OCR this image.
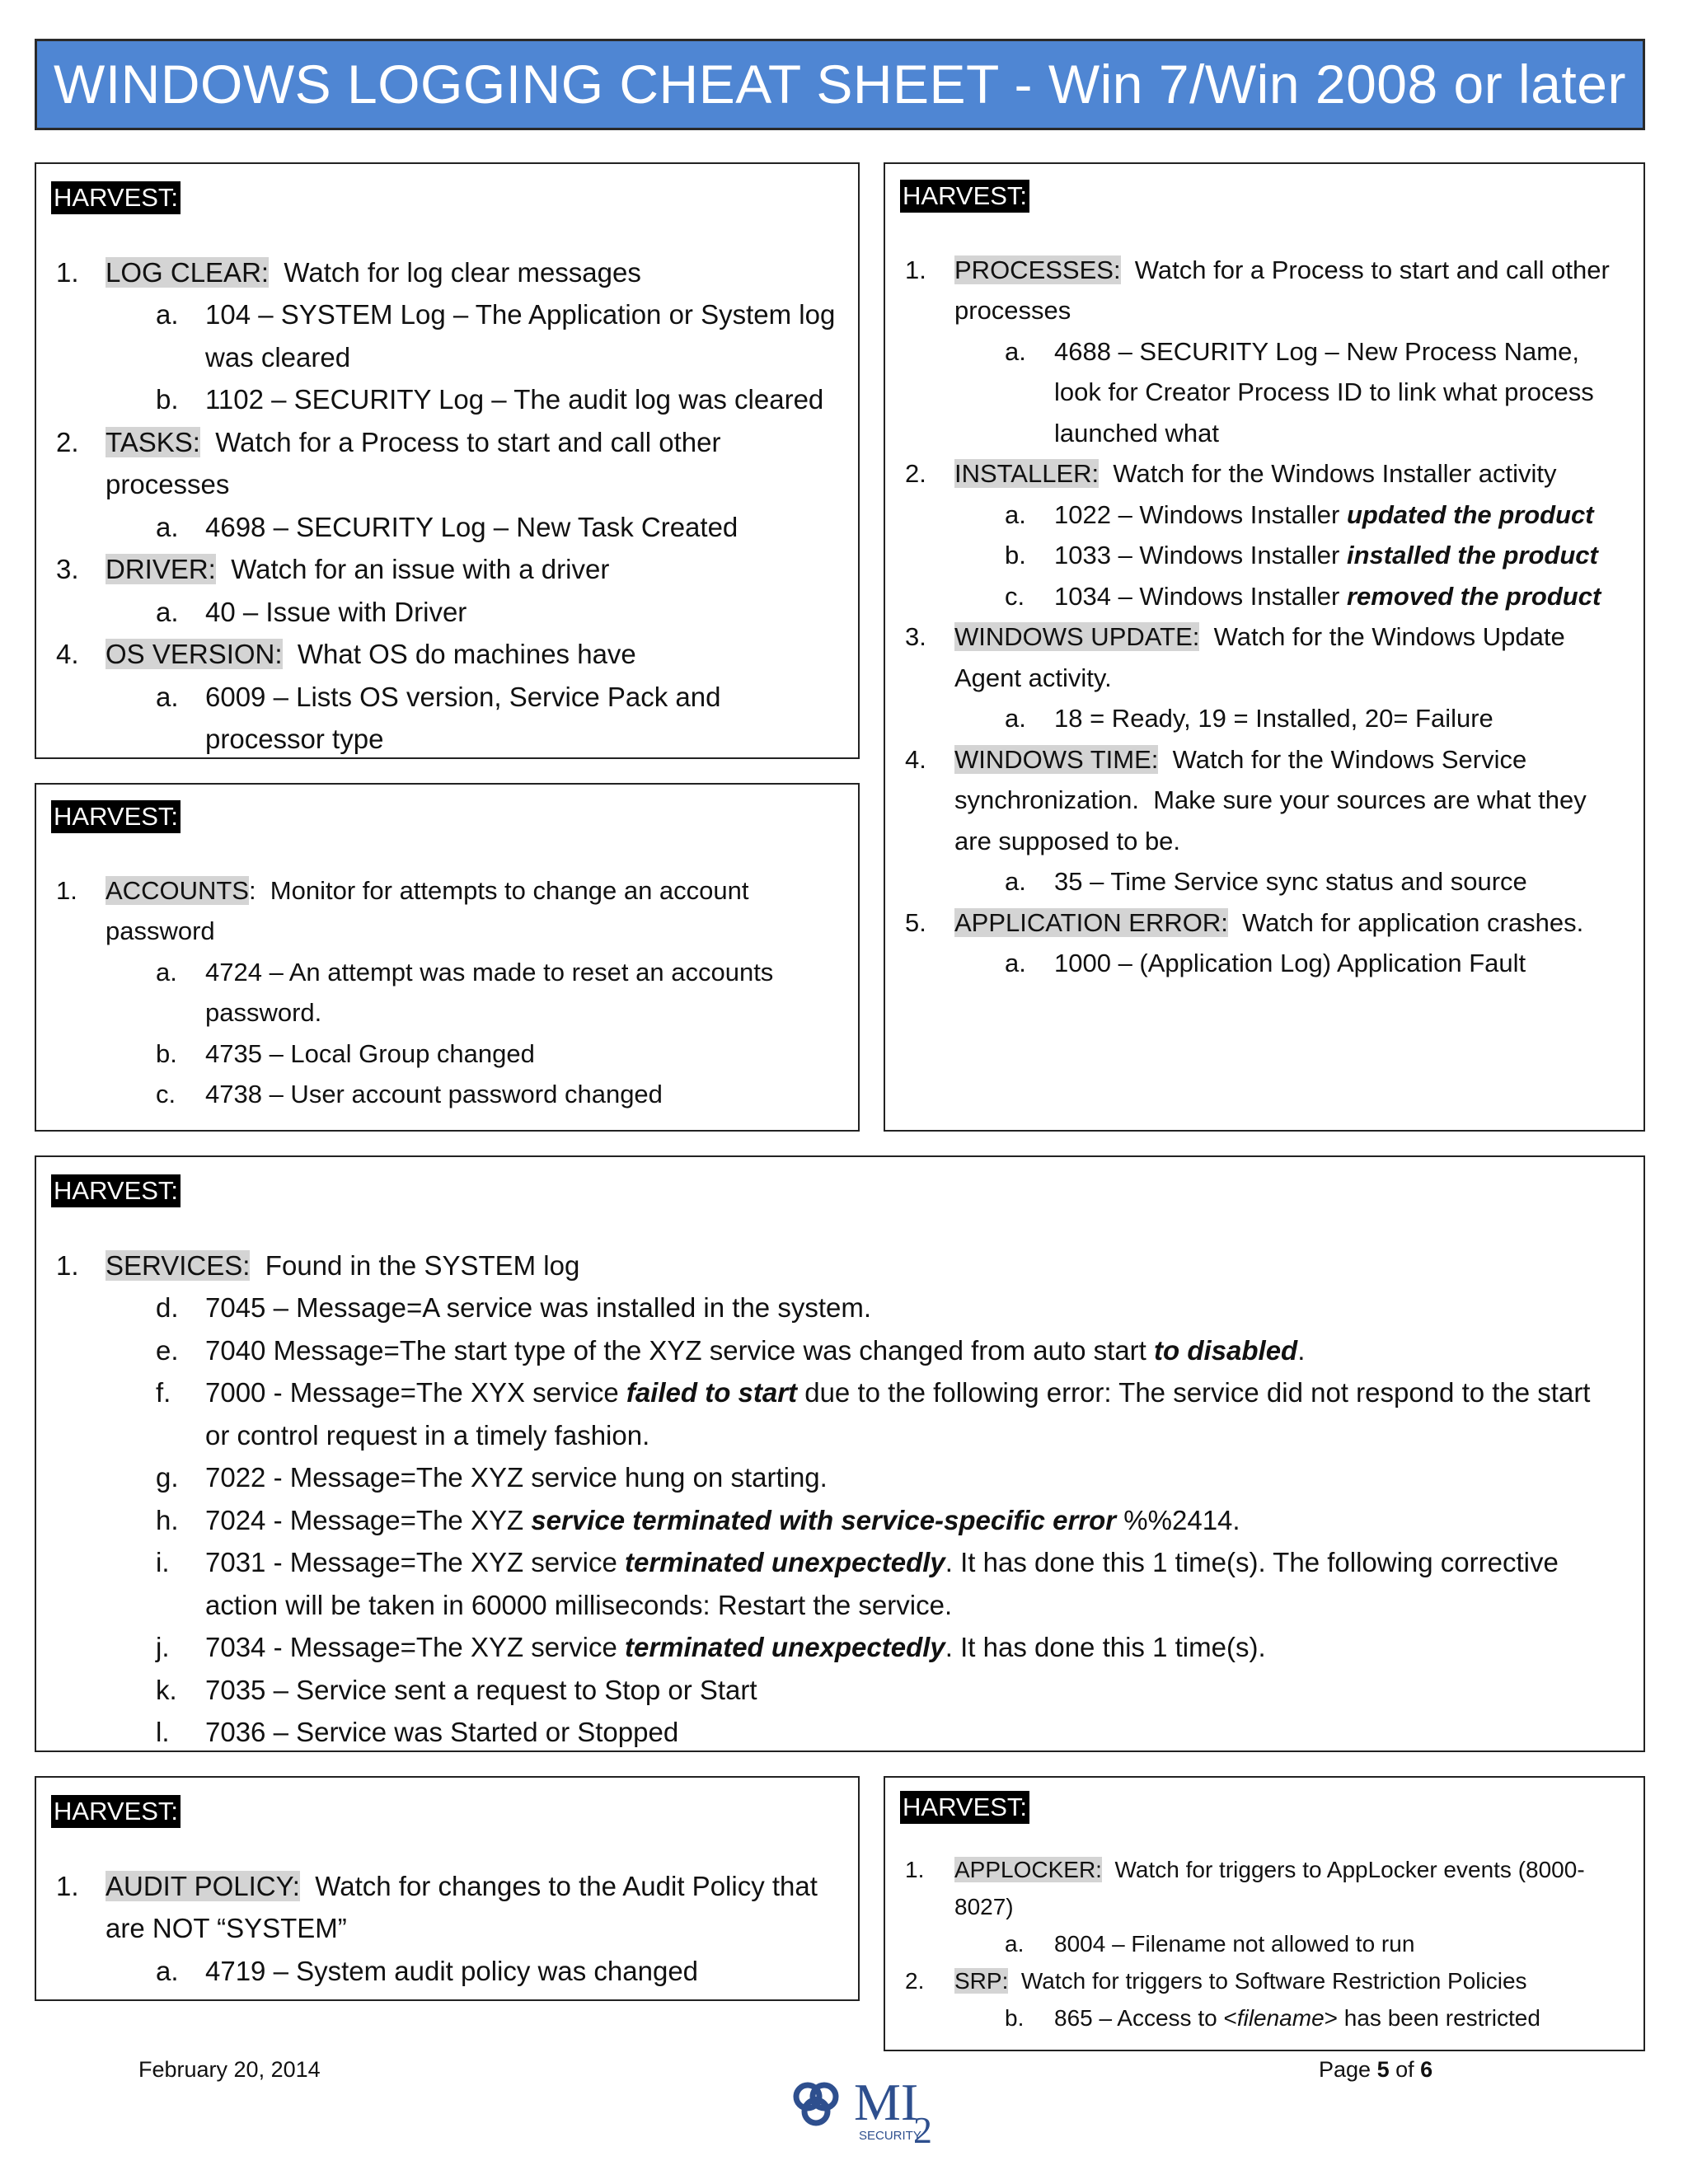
WINDOWS LOGGING CHEAT SHEET - Win 7/Win 2008 or later
HARVEST:
1. LOG CLEAR:  Watch for log clear messages
a. 104 – SYSTEM Log – The Application or System log was cleared
b. 1102 – SECURITY Log – The audit log was cleared
2. TASKS:  Watch for a Process to start and call other processes
a. 4698 – SECURITY Log – New Task Created
3. DRIVER:  Watch for an issue with a driver
a. 40 – Issue with Driver
4. OS VERSION:  What OS do machines have
a. 6009 – Lists OS version, Service Pack and processor type
HARVEST:
1. ACCOUNTS:  Monitor for attempts to change an account password
a. 4724 – An attempt was made to reset an accounts password.
b. 4735 – Local Group changed
c. 4738 – User account password changed
HARVEST:
1. PROCESSES:  Watch for a Process to start and call other processes
a. 4688 – SECURITY Log – New Process Name, look for Creator Process ID to link what process launched what
2. INSTALLER:  Watch for the Windows Installer activity
a. 1022 – Windows Installer updated the product
b. 1033 – Windows Installer installed the product
c. 1034 – Windows Installer removed the product
3. WINDOWS UPDATE:  Watch for the Windows Update Agent activity.
a. 18 = Ready, 19 = Installed, 20= Failure
4. WINDOWS TIME:  Watch for the Windows Service synchronization.  Make sure your sources are what they are supposed to be.
a. 35 – Time Service sync status and source
5. APPLICATION ERROR:  Watch for application crashes.
a. 1000 – (Application Log) Application Fault
HARVEST:
1. SERVICES:  Found in the SYSTEM log
d. 7045 – Message=A service was installed in the system.
e. 7040 Message=The start type of the XYZ service was changed from auto start to disabled.
f. 7000 - Message=The XYX service failed to start due to the following error: The service did not respond to the start or control request in a timely fashion.
g. 7022 - Message=The XYZ service hung on starting.
h. 7024 - Message=The XYZ service terminated with service-specific error %%2414.
i. 7031 - Message=The XYZ service terminated unexpectedly. It has done this 1 time(s). The following corrective action will be taken in 60000 milliseconds: Restart the service.
j. 7034 - Message=The XYZ service terminated unexpectedly. It has done this 1 time(s).
k. 7035 – Service sent a request to Stop or Start
l. 7036 – Service was Started or Stopped
HARVEST:
1. AUDIT POLICY:  Watch for changes to the Audit Policy that are NOT “SYSTEM”
a. 4719 – System audit policy was changed
HARVEST:
1. APPLOCKER:  Watch for triggers to AppLocker events (8000-8027)
a. 8004 – Filename not allowed to run
2. SRP:  Watch for triggers to Software Restriction Policies
b. 865 – Access to <filename> has been restricted
February 20, 2014
MI
SECURITY
2
Page 5 of 6
